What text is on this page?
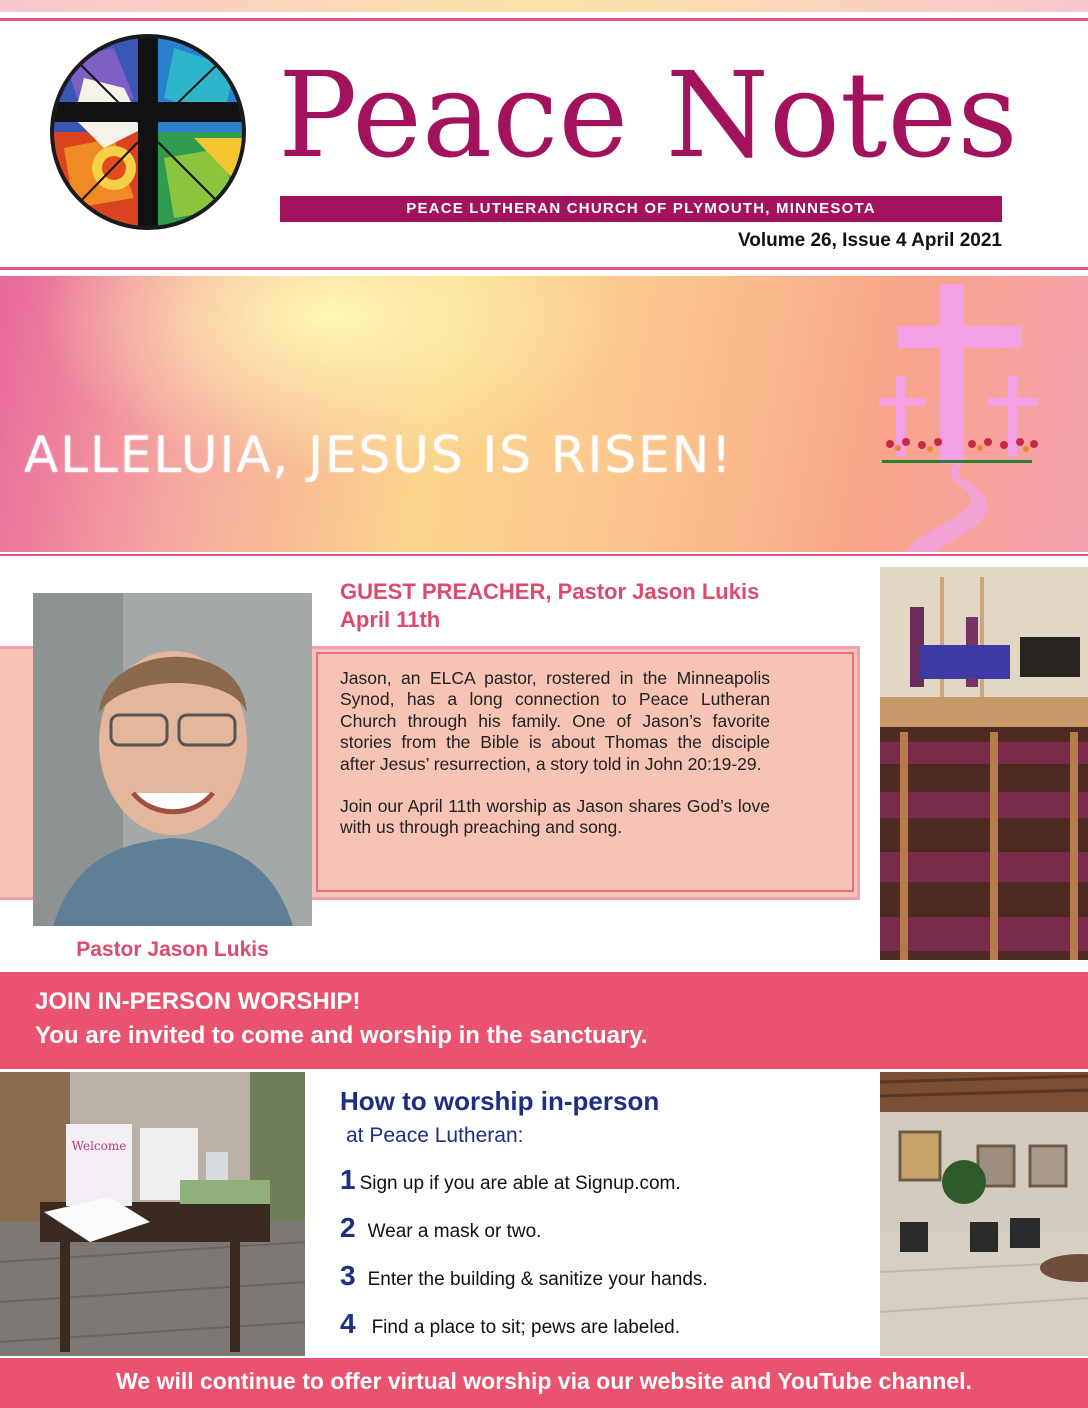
Peace Notes
PEACE LUTHERAN CHURCH OF PLYMOUTH, MINNESOTA
Volume 26, Issue 4 April 2021
ALLELUIA, JESUS IS RISEN!
Pastor Jason Lukis
GUEST PREACHER, Pastor Jason Lukis
April 11th

Jason, an ELCA pastor, rostered in the Minneapolis Synod, has a long connection to Peace Lutheran Church through his family. One of Jason’s favorite stories from the Bible is about Thomas the disciple after Jesus’ resurrection, a story told in John 20:19-29.

Join our April 11th worship as Jason shares God’s love with us through preaching and song.

JOIN IN-PERSON WORSHIP!
You are invited to come and worship in the sanctuary.
Welcome
How to worship in-person
at Peace Lutheran:
1 Sign up if you are able at Signup.com.
2 Wear a mask or two.
3 Enter the building & sanitize your hands.
4 Find a place to sit; pews are labeled.
We will continue to offer virtual worship via our website and YouTube channel.
